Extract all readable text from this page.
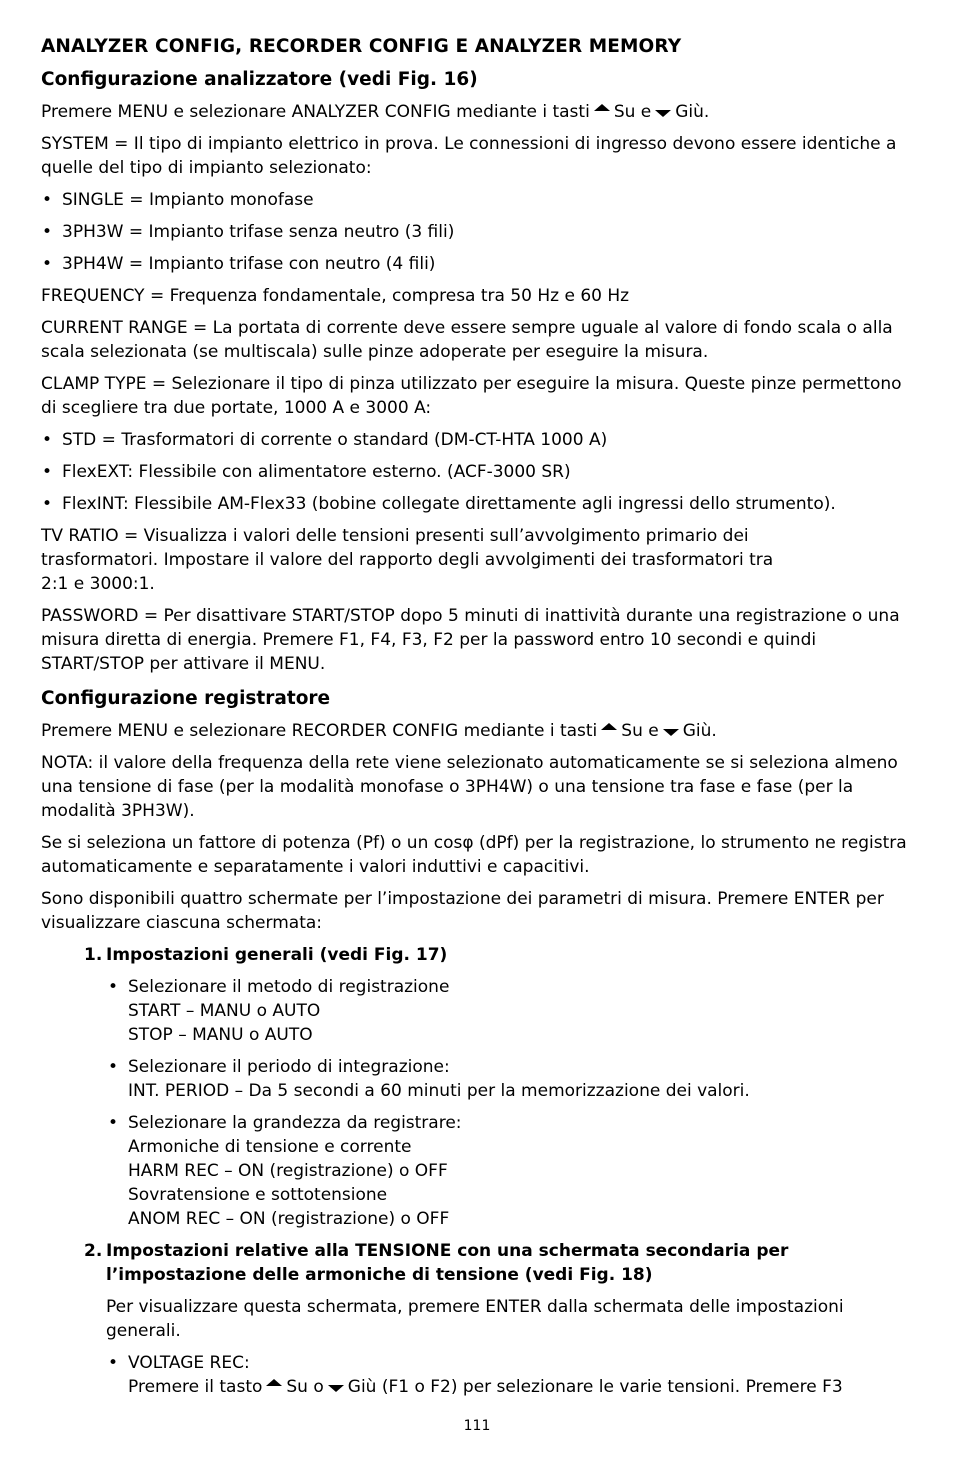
ANALYZER CONFIG, RECORDER CONFIG E ANALYZER MEMORY
Configurazione analizzatore (vedi Fig. 16)
Premere MENU e selezionare ANALYZER CONFIG mediante i tasti Su e Giù.
SYSTEM = Il tipo di impianto elettrico in prova. Le connessioni di ingresso devono essere identiche a quelle del tipo di impianto selezionato:
• SINGLE = Impianto monofase
• 3PH3W = Impianto trifase senza neutro (3 fili)
• 3PH4W = Impianto trifase con neutro (4 fili)
FREQUENCY = Frequenza fondamentale, compresa tra 50 Hz e 60 Hz
CURRENT RANGE = La portata di corrente deve essere sempre uguale al valore di fondo scala o alla scala selezionata (se multiscala) sulle pinze adoperate per eseguire la misura.
CLAMP TYPE = Selezionare il tipo di pinza utilizzato per eseguire la misura. Queste pinze permettono di scegliere tra due portate, 1000 A e 3000 A:
• STD = Trasformatori di corrente o standard (DM-CT-HTA 1000 A)
• FlexEXT: Flessibile con alimentatore esterno. (ACF-3000 SR)
• FlexINT: Flessibile AM-Flex33 (bobine collegate direttamente agli ingressi dello strumento).
TV RATIO = Visualizza i valori delle tensioni presenti sull’avvolgimento primario dei
trasformatori. Impostare il valore del rapporto degli avvolgimenti dei trasformatori tra
2:1 e 3000:1.
PASSWORD = Per disattivare START/STOP dopo 5 minuti di inattività durante una registrazione o una misura diretta di energia. Premere F1, F4, F3, F2 per la password entro 10 secondi e quindi START/STOP per attivare il MENU.
Configurazione registratore
Premere MENU e selezionare RECORDER CONFIG mediante i tasti Su e Giù.
NOTA: il valore della frequenza della rete viene selezionato automaticamente se si seleziona almeno una tensione di fase (per la modalità monofase o 3PH4W) o una tensione tra fase e fase (per la modalità 3PH3W).
Se si seleziona un fattore di potenza (Pf) o un cosφ (dPf) per la registrazione, lo strumento ne registra automaticamente e separatamente i valori induttivi e capacitivi.
Sono disponibili quattro schermate per l’impostazione dei parametri di misura. Premere ENTER per visualizzare ciascuna schermata:
1. Impostazioni generali (vedi Fig. 17)
• Selezionare il metodo di registrazione
START – MANU o AUTO
STOP – MANU o AUTO
• Selezionare il periodo di integrazione:
INT. PERIOD – Da 5 secondi a 60 minuti per la memorizzazione dei valori.
• Selezionare la grandezza da registrare:
Armoniche di tensione e corrente
HARM REC – ON (registrazione) o OFF
Sovratensione e sottotensione
ANOM REC – ON (registrazione) o OFF
2. Impostazioni relative alla TENSIONE con una schermata secondaria per l’impostazione delle armoniche di tensione (vedi Fig. 18)
Per visualizzare questa schermata, premere ENTER dalla schermata delle impostazioni generali.
• VOLTAGE REC:
Premere il tasto Su o Giù (F1 o F2) per selezionare le varie tensioni. Premere F3
111
